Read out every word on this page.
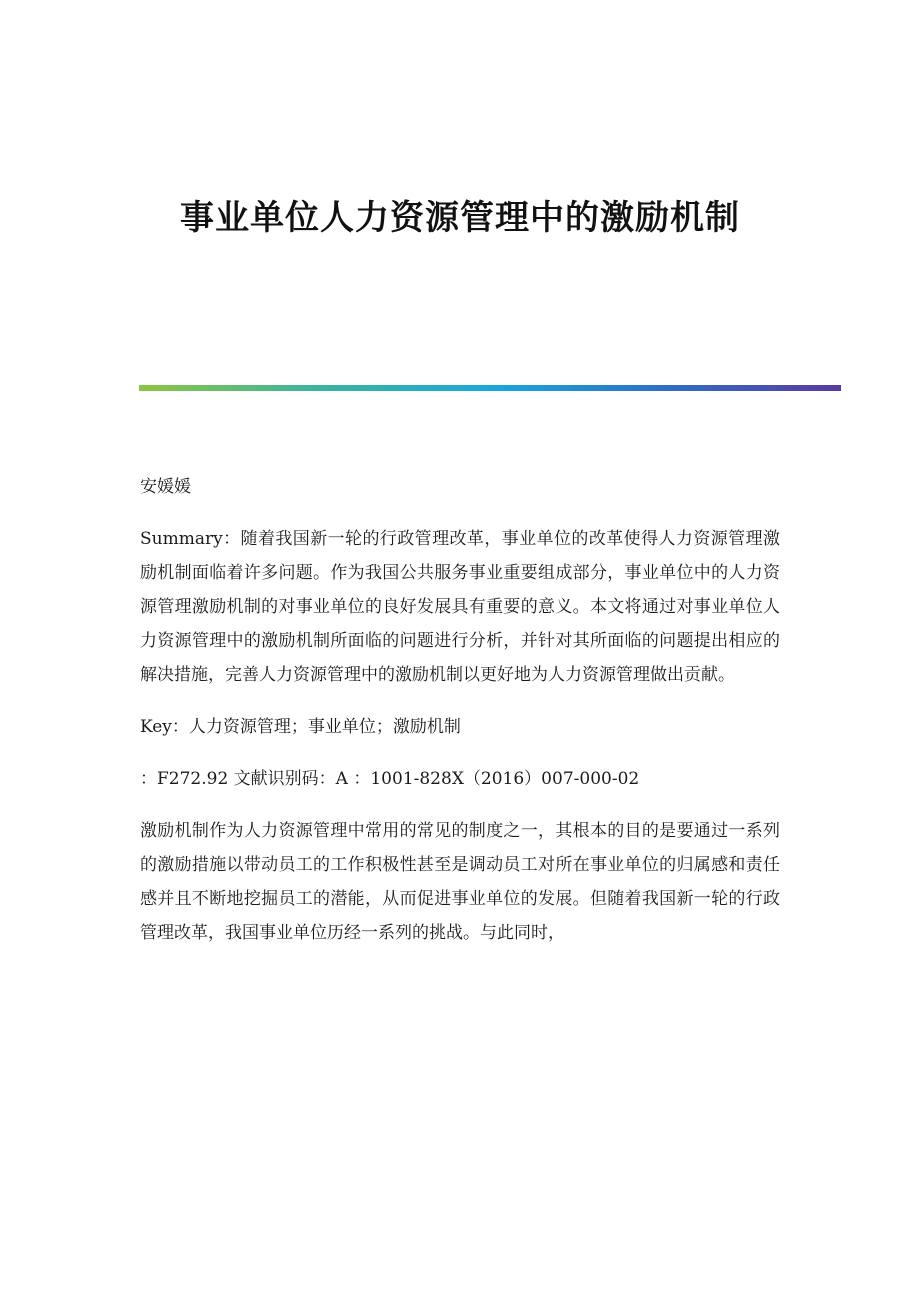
事业单位人力资源管理中的激励机制
安媛媛

Summary：随着我国新一轮的行政管理改革，事业单位的改革使得人力资源管理激励机制面临着许多问题。作为我国公共服务事业重要组成部分，事业单位中的人力资源管理激励机制的对事业单位的良好发展具有重要的意义。本文将通过对事业单位人力资源管理中的激励机制所面临的问题进行分析，并针对其所面临的问题提出相应的解决措施，完善人力资源管理中的激励机制以更好地为人力资源管理做出贡献。

Key：人力资源管理；事业单位；激励机制

：F272.92 文献识别码：A ：1001-828X（2016）007-000-02

激励机制作为人力资源管理中常用的常见的制度之一，其根本的目的是要通过一系列的激励措施以带动员工的工作积极性甚至是调动员工对所在事业单位的归属感和责任感并且不断地挖掘员工的潜能，从而促进事业单位的发展。但随着我国新一轮的行政管理改革，我国事业单位历经一系列的挑战。与此同时，
